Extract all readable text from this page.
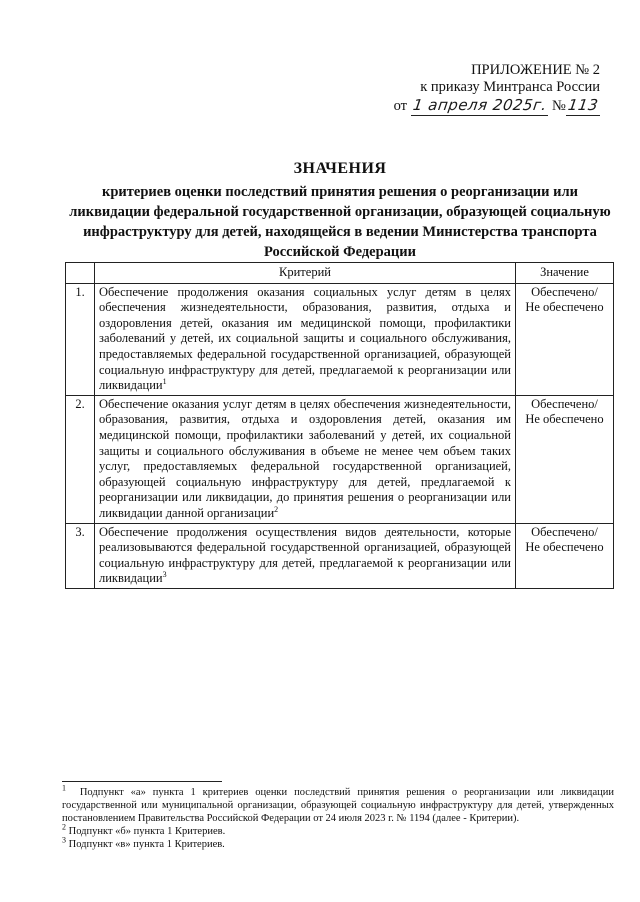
ПРИЛОЖЕНИЕ № 2
к приказу Минтранса России
от 1 апреля 2025г. №113
ЗНАЧЕНИЯ
критериев оценки последствий принятия решения о реорганизации или ликвидации федеральной государственной организации, образующей социальную инфраструктуру для детей, находящейся в ведении Министерства транспорта Российской Федерации
	Критерий	Значение
1.	Обеспечение продолжения оказания социальных услуг детям в целях обеспечения жизнедеятельности, образования, развития, отдыха и оздоровления детей, оказания им медицинской помощи, профилактики заболеваний у детей, их социальной защиты и социального обслуживания, предоставляемых федеральной государственной организацией, образующей социальную инфраструктуру для детей, предлагаемой к реорганизации или ликвидации$^1$	Обеспечено/
Не обеспечено
2.	Обеспечение оказания услуг детям в целях обеспечения жизнедеятельности, образования, развития, отдыха и оздоровления детей, оказания им медицинской помощи, профилактики заболеваний у детей, их социальной защиты и социального обслуживания в объеме не менее чем объем таких услуг, предоставляемых федеральной государственной организацией, образующей социальную инфраструктуру для детей, предлагаемой к реорганизации или ликвидации, до принятия решения о реорганизации или ликвидации данной организации$^2$	Обеспечено/
Не обеспечено
3.	Обеспечение продолжения осуществления видов деятельности, которые реализовываются федеральной государственной организацией, образующей социальную инфраструктуру для детей, предлагаемой к реорганизации или ликвидации$^3$	Обеспечено/
Не обеспечено

$^1$ Подпункт «а» пункта 1 критериев оценки последствий принятия решения о реорганизации или ликвидации государственной или муниципальной организации, образующей социальную инфраструктуру для детей, утвержденных постановлением Правительства Российской Федерации от 24 июля 2023 г. № 1194 (далее - Критерии).

$^2$ Подпункт «б» пункта 1 Критериев.

$^3$ Подпункт «в» пункта 1 Критериев.
